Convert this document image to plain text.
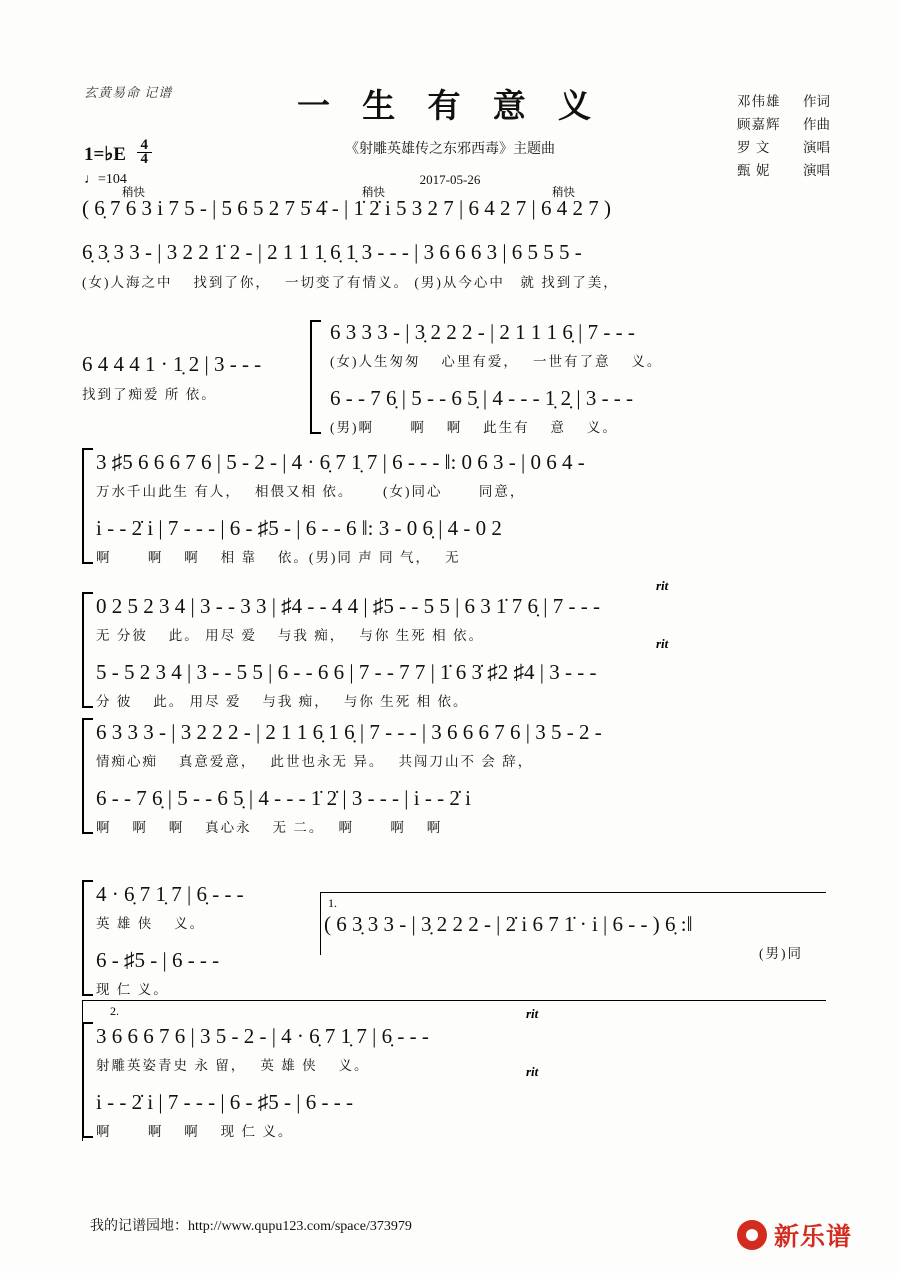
玄黄易命 记谱	一 生 有 意 义
《射雕英雄传之东邪西毒》主题曲
2017-05-26
邓伟雄 作词
顾嘉辉 作曲
罗 文 演唱
甄 妮 演唱
1=♭E $\frac{4}{4}$
♩=104
稍快	稍快	稍快
( 6̣ 7 6 3 i 7 5 - | 5 6 5 2 7 5̇ 4̇ - | 1̇ 2̇ i 5 3 2 7 | 6 4 2 7 | 6 4 2 7 )
6̣ 3̣ 3 3 - | 3 2 2 1̇ 2 - | 2 1 1 1̣ 6̣ 1̣ 3 - - - | 3 6 6 6 3 | 6 5 5 5 -
(女)人海之中　 找到了你，　 一切变了有情义。 (男)从今心中　就 找到了美，
6 4 4 4 1 · 1̣ 2 | 3 - - -
找到了痴爱 所 依。
6 3 3 3 - | 3̣ 2 2 2 - | 2 1 1 1 6̣ | 7 - - -
(女)人生匆匆　 心里有爱，　 一世有了意　 义。
6 - - 7 6̣ | 5 - - 6 5̣ | 4 - - - 1̣ 2̣ | 3 - - -
(男)啊　　 啊　 啊　 此生有　 意　 义。
3 ♯5 6 6 6 7 6 | 5 - 2 - | 4 · 6̣ 7 1̣ 7 | 6 - - - ‖: 0 6 3 - | 0 6 4 -
万水千山此生 有人，　 相偎又相 依。　　 (女)同心　　 同意，
i - - 2̇ i | 7 - - - | 6 - ♯5 - | 6 - - 6 ‖: 3 - 0 6̣ | 4 - 0 2
啊　　 啊　 啊　 相 靠　 依。(男)同 声 同 气，　 无
rit
0 2 5 2 3 4 | 3 - - 3 3 | ♯4 - - 4 4 | ♯5 - - 5 5 | 6 3 1̇ 7 6̣ | 7 - - -
无 分彼　 此。 用尽 爱　 与我 痴，　 与你 生死 相 依。
rit
5 - 5 2 3 4 | 3 - - 5 5 | 6 - - 6 6 | 7 - - 7 7 | 1̇ 6 3̇ ♯2 ♯4 | 3 - - -
分 彼　 此。 用尽 爱　 与我 痴，　 与你 生死 相 依。
6 3 3 3 - | 3 2 2 2 - | 2 1 1 6̣ 1 6̣ | 7 - - - | 3 6 6 6 7 6 | 3 5 - 2 -
情痴心痴　 真意爱意，　 此世也永无 异。　 共闯刀山不 会 辞，
6 - - 7 6̣ | 5 - - 6 5̣ | 4 - - - 1̇ 2̇ | 3 - - - | i - - 2̇ i
啊　 啊　 啊　 真心永　 无 二。　 啊　　 啊　 啊
4 · 6̣ 7 1̣ 7 | 6̣ - - -
英 雄 侠　 义。
6 - ♯5 - | 6 - - -
现 仁 义。
1.
( 6 3̣ 3 3 - | 3̣ 2 2 2 - | 2̇ i 6 7 1̇ · i | 6 - - ) 6̣ :‖
(男)同
2.	rit
3 6 6 6 7 6 | 3 5 - 2 - | 4 · 6̣ 7 1̣ 7 | 6̣ - - -
射雕英姿青史 永 留，　 英 雄 侠　 义。	rit
i - - 2̇ i | 7 - - - | 6 - ♯5 - | 6 - - -
啊　　 啊　 啊　 现 仁 义。
我的记谱园地：http://www.qupu123.com/space/373979	新乐谱
